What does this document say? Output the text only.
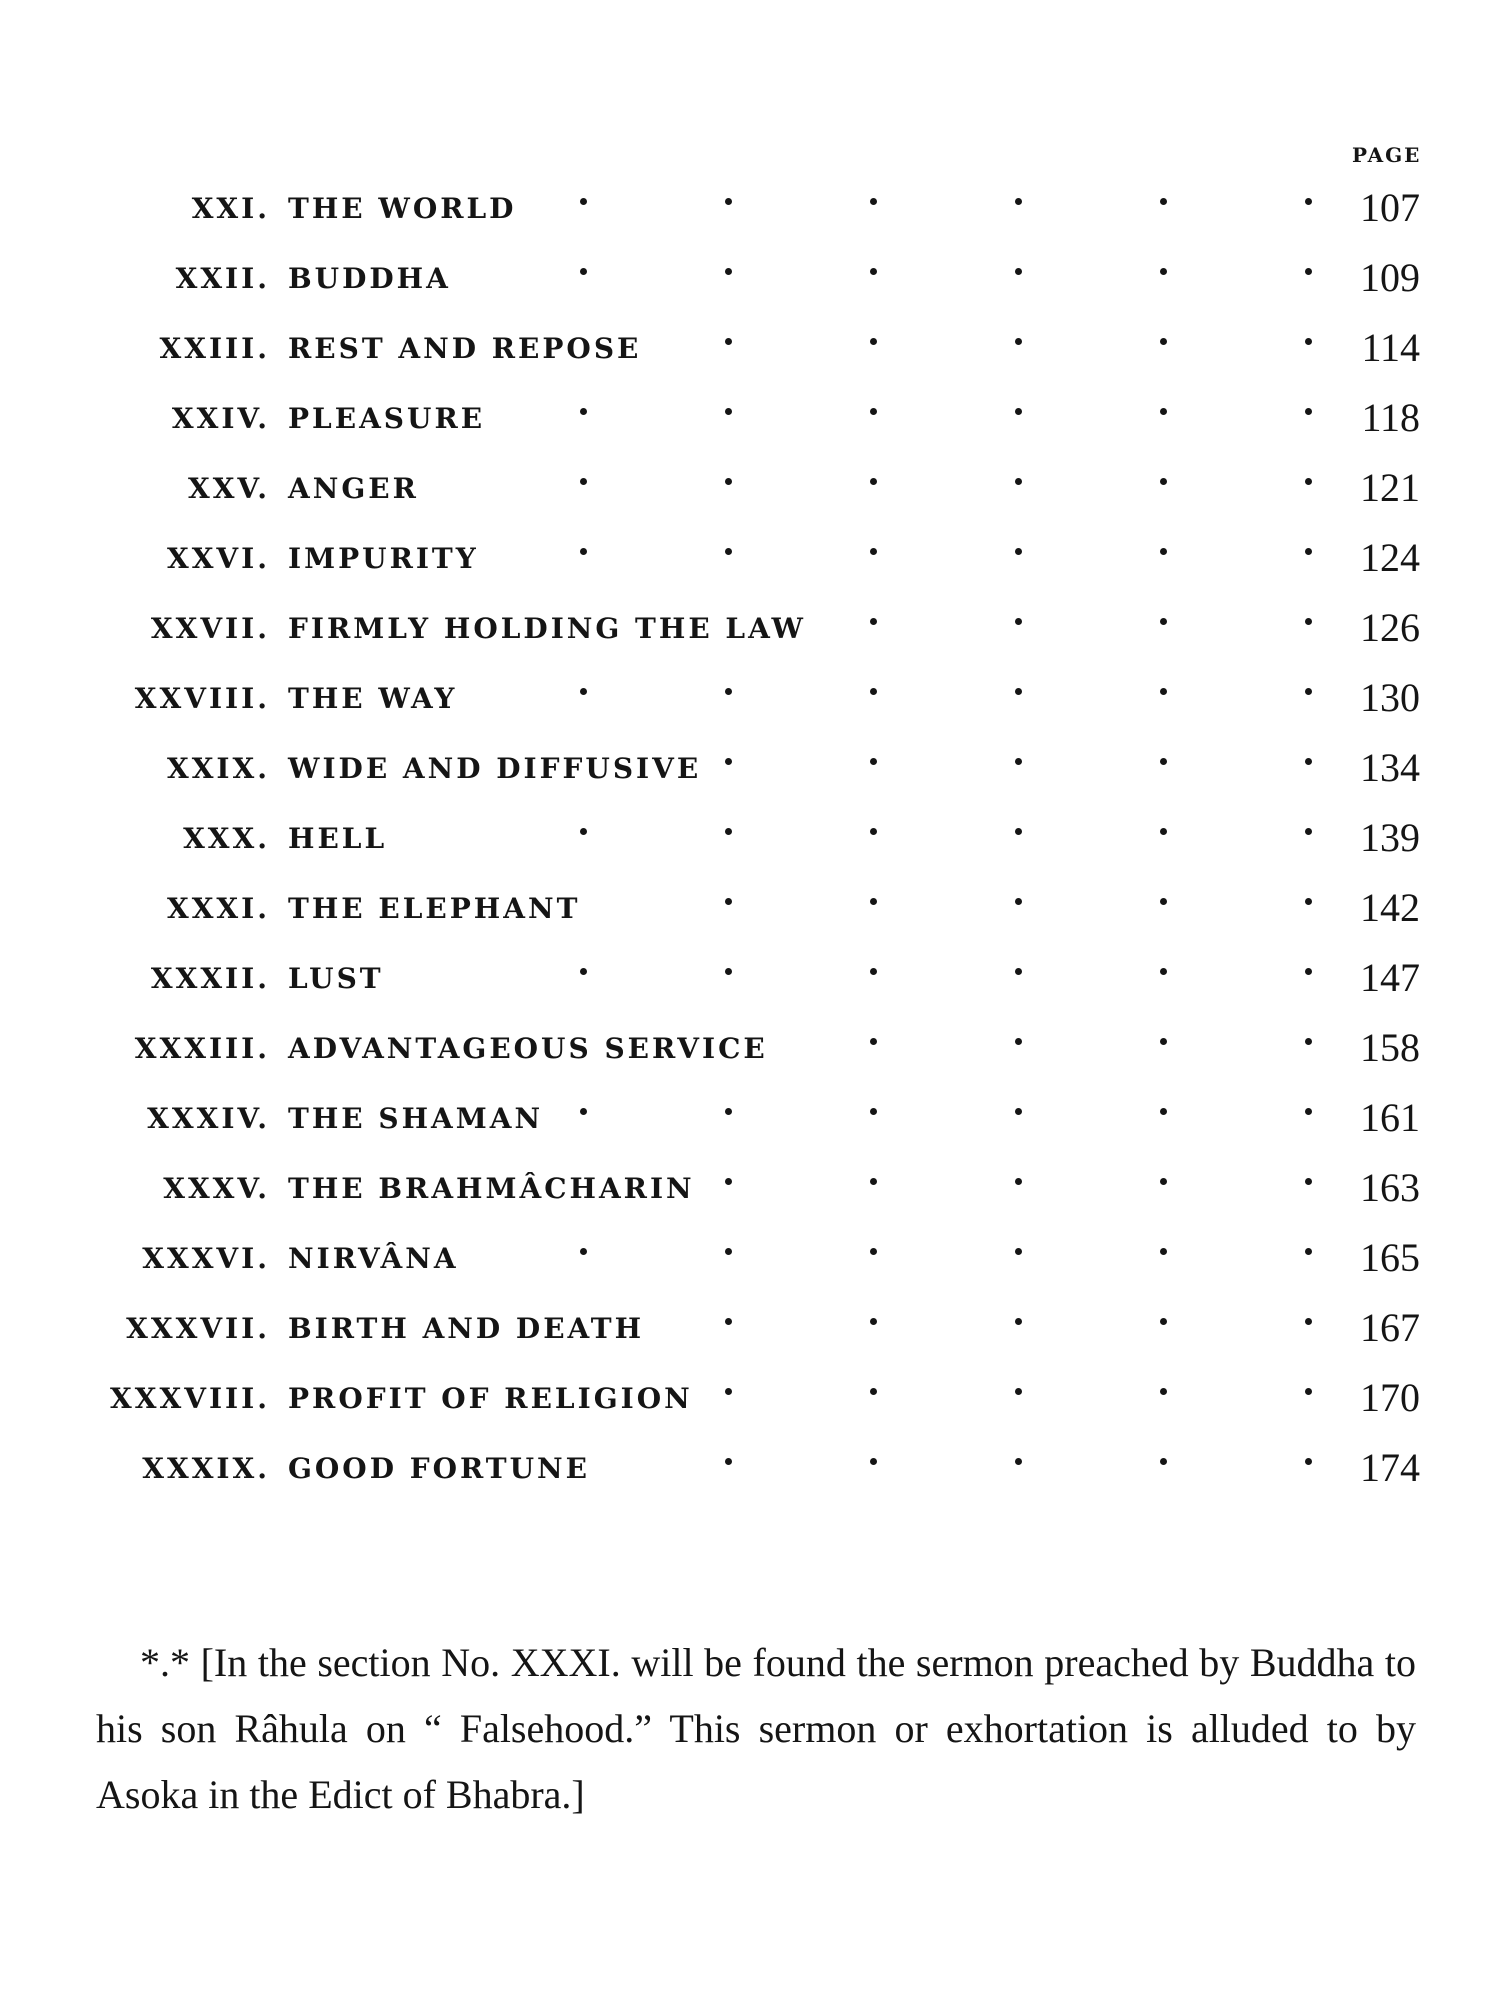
PAGE
XXI. THE WORLD	107
XXII. BUDDHA	109
XXIII. REST AND REPOSE	114
XXIV. PLEASURE	118
XXV. ANGER	121
XXVI. IMPURITY	124
XXVII. FIRMLY HOLDING THE LAW	126
XXVIII. THE WAY	130
XXIX. WIDE AND DIFFUSIVE	134
XXX. HELL	139
XXXI. THE ELEPHANT	142
XXXII. LUST	147
XXXIII. ADVANTAGEOUS SERVICE	158
XXXIV. THE SHAMAN	161
XXXV. THE BRAHMÂCHARIN	163
XXXVI. NIRVÂNA	165
XXXVII. BIRTH AND DEATH	167
XXXVIII. PROFIT OF RELIGION	170
XXXIX. GOOD FORTUNE	174
*.* [In the section No. XXXI. will be found the sermon preached by Buddha to his son Râhula on “ Falsehood.” This sermon or exhortation is alluded to by Asoka in the Edict of Bhabra.]
